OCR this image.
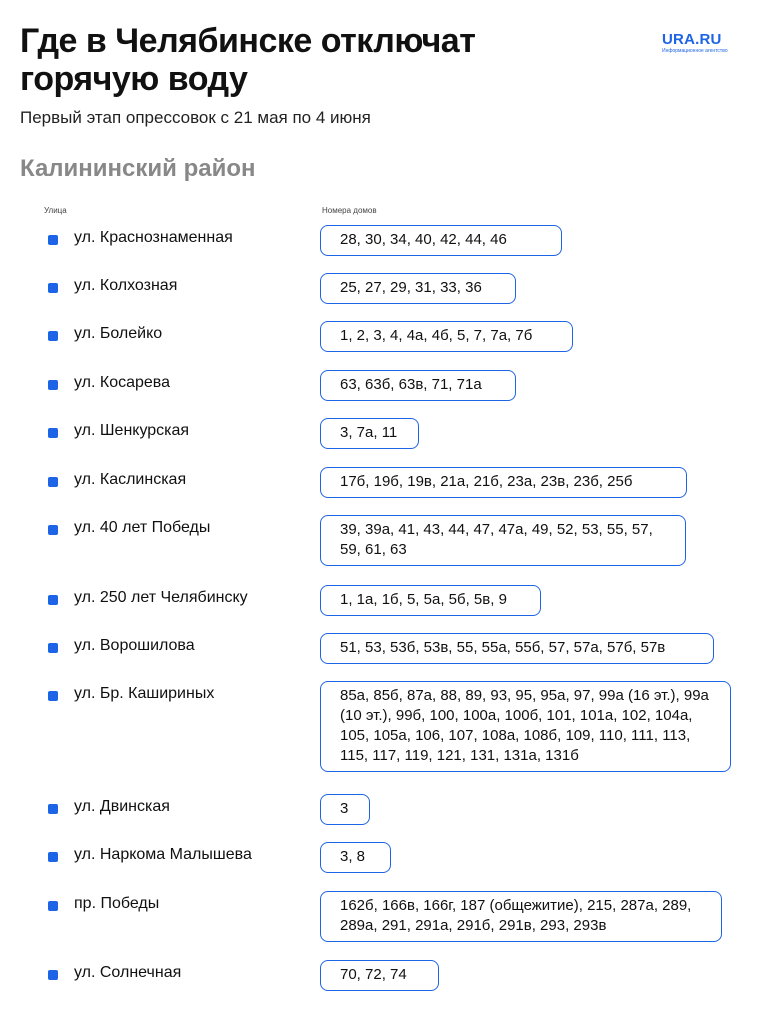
Где в Челябинске отключат
горячую воду
URA.RU
Информационное агентство
Первый этап опрессовок с 21 мая по 4 июня
Калининский район
Улица	Номера домов
ул. Краснознаменная	28, 30, 34, 40, 42, 44, 46
ул. Колхозная	25, 27, 29, 31, 33, 36
ул. Болейко	1, 2, 3, 4, 4а, 4б, 5, 7, 7а, 7б
ул. Косарева	63, 63б, 63в, 71, 71а
ул. Шенкурская	3, 7а, 11
ул. Каслинская	17б, 19б, 19в, 21а, 21б, 23а, 23в, 23б, 25б
ул. 40 лет Победы	39, 39а, 41, 43, 44, 47, 47а, 49, 52, 53, 55, 57, 59, 61, 63
ул. 250 лет Челябинску	1, 1а, 1б, 5, 5а, 5б, 5в, 9
ул. Ворошилова	51, 53, 53б, 53в, 55, 55а, 55б, 57, 57а, 57б, 57в
ул. Бр. Кашириных	85а, 85б, 87а, 88, 89, 93, 95, 95а, 97, 99а (16 эт.), 99а (10 эт.), 99б, 100, 100а, 100б, 101, 101а, 102, 104а, 105, 105а, 106, 107, 108а, 108б, 109, 110, 111, 113, 115, 117, 119, 121, 131, 131а, 131б
ул. Двинская	3
ул. Наркома Малышева	3, 8
пр. Победы	162б, 166в, 166г, 187 (общежитие), 215, 287а, 289, 289а, 291, 291а, 291б, 291в, 293, 293в
ул. Солнечная	70, 72, 74
